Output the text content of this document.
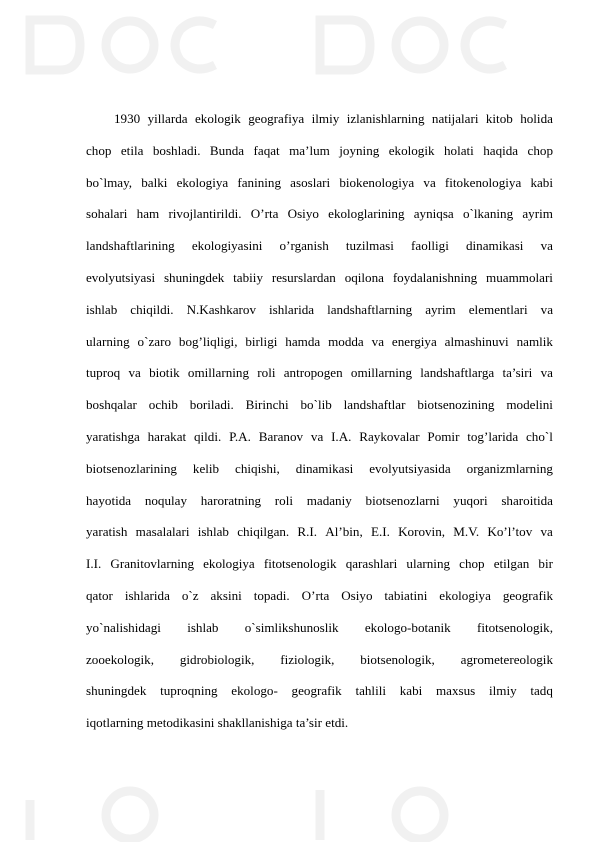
1930 yillarda ekologik geografiya ilmiy izlanishlarning natijalari kitob holida
chop etila boshladi. Bunda faqat ma’lum joyning ekologik holati haqida chop
bo`lmay, balki ekologiya fanining asoslari biokenologiya va fitokenologiya kabi
sohalari ham rivojlantirildi. O’rta Osiyo ekologlarining ayniqsa o`lkaning ayrim
landshaftlarining ekologiyasini o’rganish tuzilmasi faolligi dinamikasi va
evolyutsiyasi shuningdek tabiiy resurslardan oqilona foydalanishning muammolari
ishlab chiqildi. N.Kashkarov ishlarida landshaftlarning ayrim elementlari va
ularning o`zaro bog’liqligi, birligi hamda modda va energiya almashinuvi namlik
tuproq va biotik omillarning roli antropogen omillarning landshaftlarga ta’siri va
boshqalar ochib boriladi. Birinchi bo`lib landshaftlar biotsenozining modelini
yaratishga harakat qildi. P.A. Baranov va I.A. Raykovalar Pomir tog’larida cho`l
biotsenozlarining kelib chiqishi, dinamikasi evolyutsiyasida organizmlarning
hayotida noqulay haroratning roli madaniy biotsenozlarni yuqori sharoitida
yaratish masalalari ishlab chiqilgan. R.I. Al’bin, E.I. Korovin, M.V. Ko’l’tov va
I.I. Granitovlarning ekologiya fitotsenologik qarashlari ularning chop etilgan bir
qator ishlarida o`z aksini topadi. O’rta Osiyo tabiatini ekologiya geografik
yo`nalishidagi ishlab o`simlikshunoslik ekologo-botanik fitotsenologik,
zooekologik, gidrobiologik, fiziologik, biotsenologik, agrometereologik
shuningdek tuproqning ekologo- geografik tahlili kabi maxsus ilmiy tadq
iqotlarning metodikasini shakllanishiga ta’sir etdi.
